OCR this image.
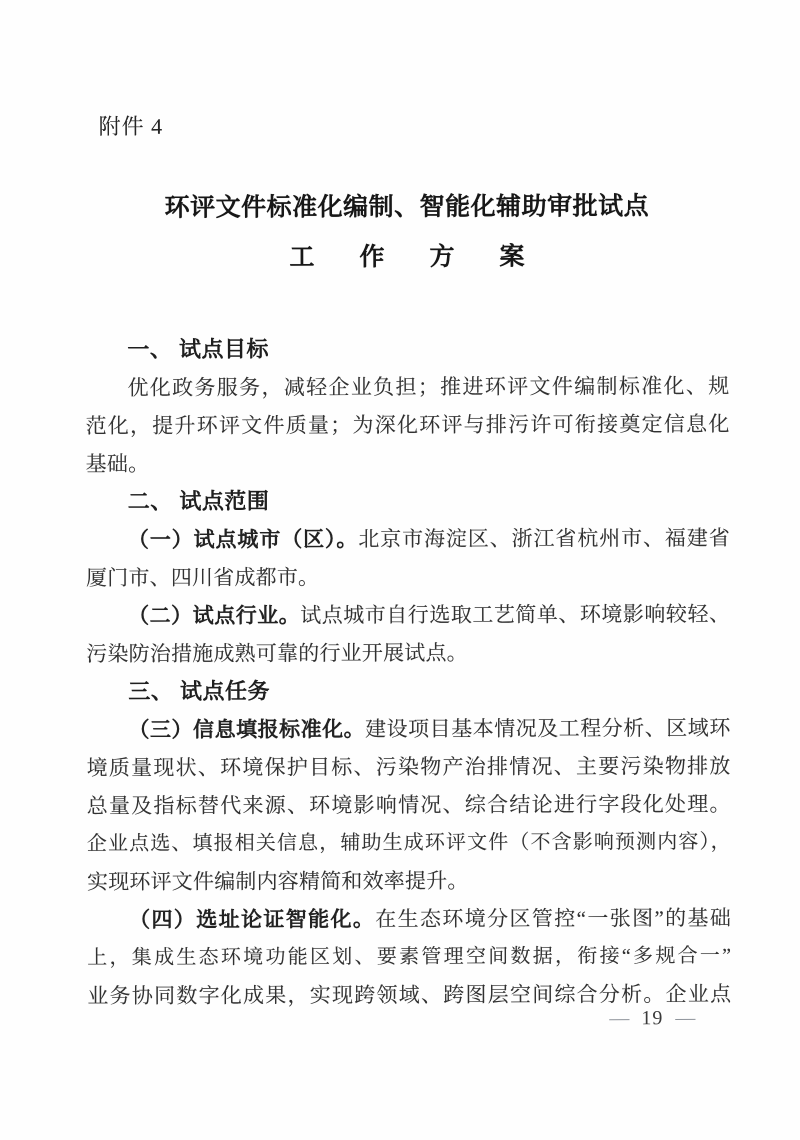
附件 4
环评文件标准化编制、智能化辅助审批试点
工　作　方　案
一、 试点目标
优化政务服务，减轻企业负担；推进环评文件编制标准化、规
范化，提升环评文件质量；为深化环评与排污许可衔接奠定信息化
基础。
二、 试点范围
（一）试点城市（区）。北京市海淀区、浙江省杭州市、福建省
厦门市、四川省成都市。
（二）试点行业。试点城市自行选取工艺简单、环境影响较轻、
污染防治措施成熟可靠的行业开展试点。
三、 试点任务
（三）信息填报标准化。建设项目基本情况及工程分析、区域环
境质量现状、环境保护目标、污染物产治排情况、主要污染物排放
总量及指标替代来源、环境影响情况、综合结论进行字段化处理。
企业点选、填报相关信息，辅助生成环评文件（不含影响预测内容），
实现环评文件编制内容精简和效率提升。
（四）选址论证智能化。在生态环境分区管控“一张图”的基础
上，集成生态环境功能区划、要素管理空间数据，衔接“多规合一”
业务协同数字化成果，实现跨领域、跨图层空间综合分析。企业点
— 19 —
